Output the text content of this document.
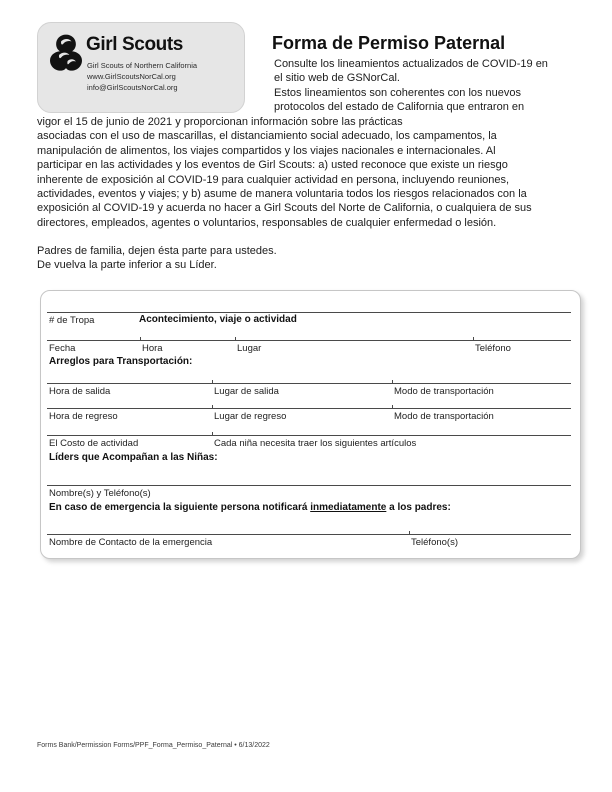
Girl Scouts
Girl Scouts of Northern California
www.GirlScoutsNorCal.org
info@GirlScoutsNorCal.org
Forma de Permiso Paternal
Consulte los lineamientos actualizados de COVID-19 en
el sitio web de GSNorCal.
Estos lineamientos son coherentes con los nuevos
protocolos del estado de California que entraron en
vigor el 15 de junio de 2021 y proporcionan información sobre las prácticas
asociadas con el uso de mascarillas, el distanciamiento social adecuado, los campamentos, la
manipulación de alimentos, los viajes compartidos y los viajes nacionales e internacionales. Al
participar en las actividades y los eventos de Girl Scouts: a) usted reconoce que existe un riesgo
inherente de exposición al COVID-19 para cualquier actividad en persona, incluyendo reuniones,
actividades, eventos y viajes; y b) asume de manera voluntaria todos los riesgos relacionados con la
exposición al COVID-19 y acuerda no hacer a Girl Scouts del Norte de California, o cualquiera de sus
directores, empleados, agentes o voluntarios, responsables de cualquier enfermedad o lesión.
Padres de familia, dejen ésta parte para ustedes.
De vuelva la parte inferior a su Líder.
# de Tropa	Acontecimiento, viaje o actividad
Fecha	Hora	Lugar	Teléfono
Arreglos para Transportación:
Hora de salida	Lugar de salida	Modo de transportación
Hora de regreso	Lugar de regreso	Modo de transportación
El Costo de actividad	Cada niña necesita traer los siguientes artículos
Líders que Acompañan a las Niñas:
Nombre(s) y Teléfono(s)
En caso de emergencia la siguiente persona notificará inmediatamente a los padres:
Nombre de Contacto de la emergencia	Teléfono(s)
Forms Bank/Permission Forms/PPF_Forma_Permiso_Paternal • 6/13/2022
